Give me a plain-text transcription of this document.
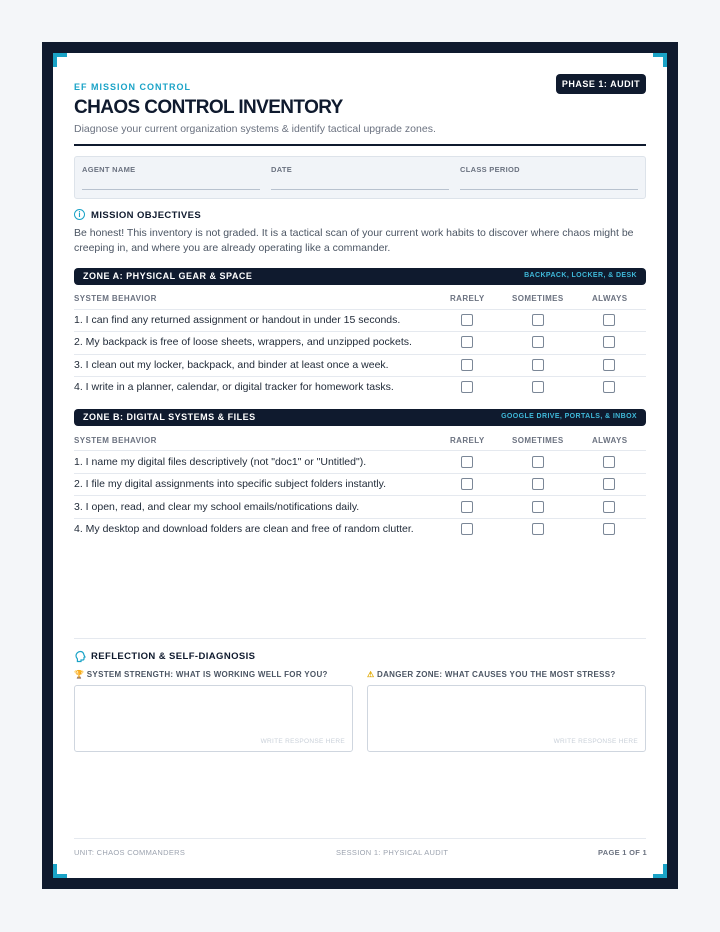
EF MISSION CONTROL	PHASE 1: AUDIT
CHAOS CONTROL INVENTORY
Diagnose your current organization systems & identify tactical upgrade zones.
AGENT NAME	DATE	CLASS PERIOD
i	MISSION OBJECTIVES
Be honest! This inventory is not graded. It is a tactical scan of your current work habits to discover where chaos might be creeping in, and where you are already operating like a commander.
ZONE A: PHYSICAL GEAR & SPACE	BACKPACK, LOCKER, & DESK
SYSTEM BEHAVIOR	RARELY	SOMETIMES	ALWAYS
1. I can find any returned assignment or handout in under 15 seconds.
2. My backpack is free of loose sheets, wrappers, and unzipped pockets.
3. I clean out my locker, backpack, and binder at least once a week.
4. I write in a planner, calendar, or digital tracker for homework tasks.
ZONE B: DIGITAL SYSTEMS & FILES	GOOGLE DRIVE, PORTALS, & INBOX
SYSTEM BEHAVIOR	RARELY	SOMETIMES	ALWAYS
1. I name my digital files descriptively (not "doc1" or "Untitled").
2. I file my digital assignments into specific subject folders instantly.
3. I open, read, and clear my school emails/notifications daily.
4. My desktop and download folders are clean and free of random clutter.
REFLECTION & SELF-DIAGNOSIS
🏆 SYSTEM STRENGTH: WHAT IS WORKING WELL FOR YOU?
WRITE RESPONSE HERE
⚠ DANGER ZONE: WHAT CAUSES YOU THE MOST STRESS?
WRITE RESPONSE HERE
UNIT: CHAOS COMMANDERS	SESSION 1: PHYSICAL AUDIT	PAGE 1 OF 1
